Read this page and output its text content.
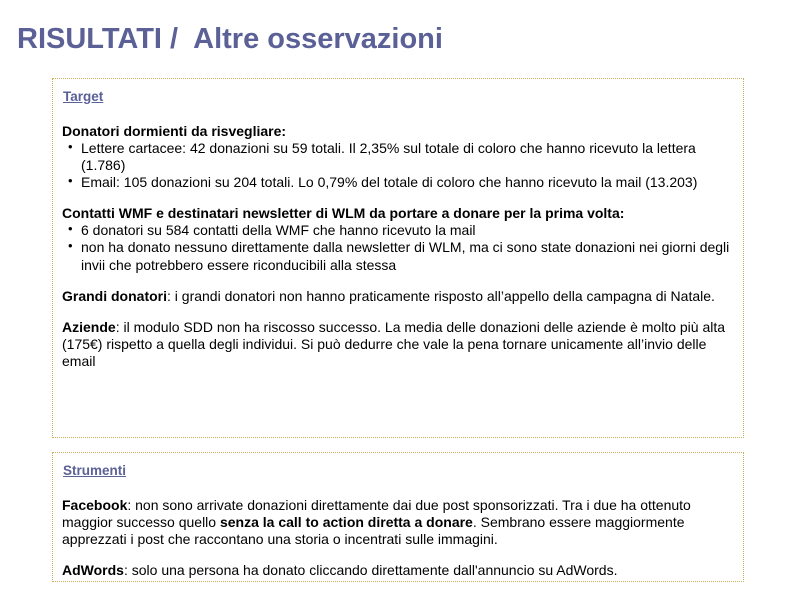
RISULTATI /  Altre osservazioni
Target
Donatori dormienti da risvegliare:
• Lettere cartacee: 42 donazioni su 59 totali. Il 2,35% sul totale di coloro che hanno ricevuto la lettera (1.786)
• Email: 105 donazioni su 204 totali. Lo 0,79% del totale di coloro che hanno ricevuto la mail (13.203)
Contatti WMF e destinatari newsletter di WLM da portare a donare per la prima volta:
• 6 donatori su 584 contatti della WMF che hanno ricevuto la mail
• non ha donato nessuno direttamente dalla newsletter di WLM, ma ci sono state donazioni nei giorni degli invii che potrebbero essere riconducibili alla stessa

Grandi donatori: i grandi donatori non hanno praticamente risposto all’appello della campagna di Natale.

Aziende: il modulo SDD non ha riscosso successo. La media delle donazioni delle aziende è molto più alta (175€) rispetto a quella degli individui. Si può dedurre che vale la pena tornare unicamente all’invio delle email

Strumenti

Facebook: non sono arrivate donazioni direttamente dai due post sponsorizzati. Tra i due ha ottenuto maggior successo quello senza la call to action diretta a donare. Sembrano essere maggiormente apprezzati i post che raccontano una storia o incentrati sulle immagini.

AdWords: solo una persona ha donato cliccando direttamente dall'annuncio su AdWords.
